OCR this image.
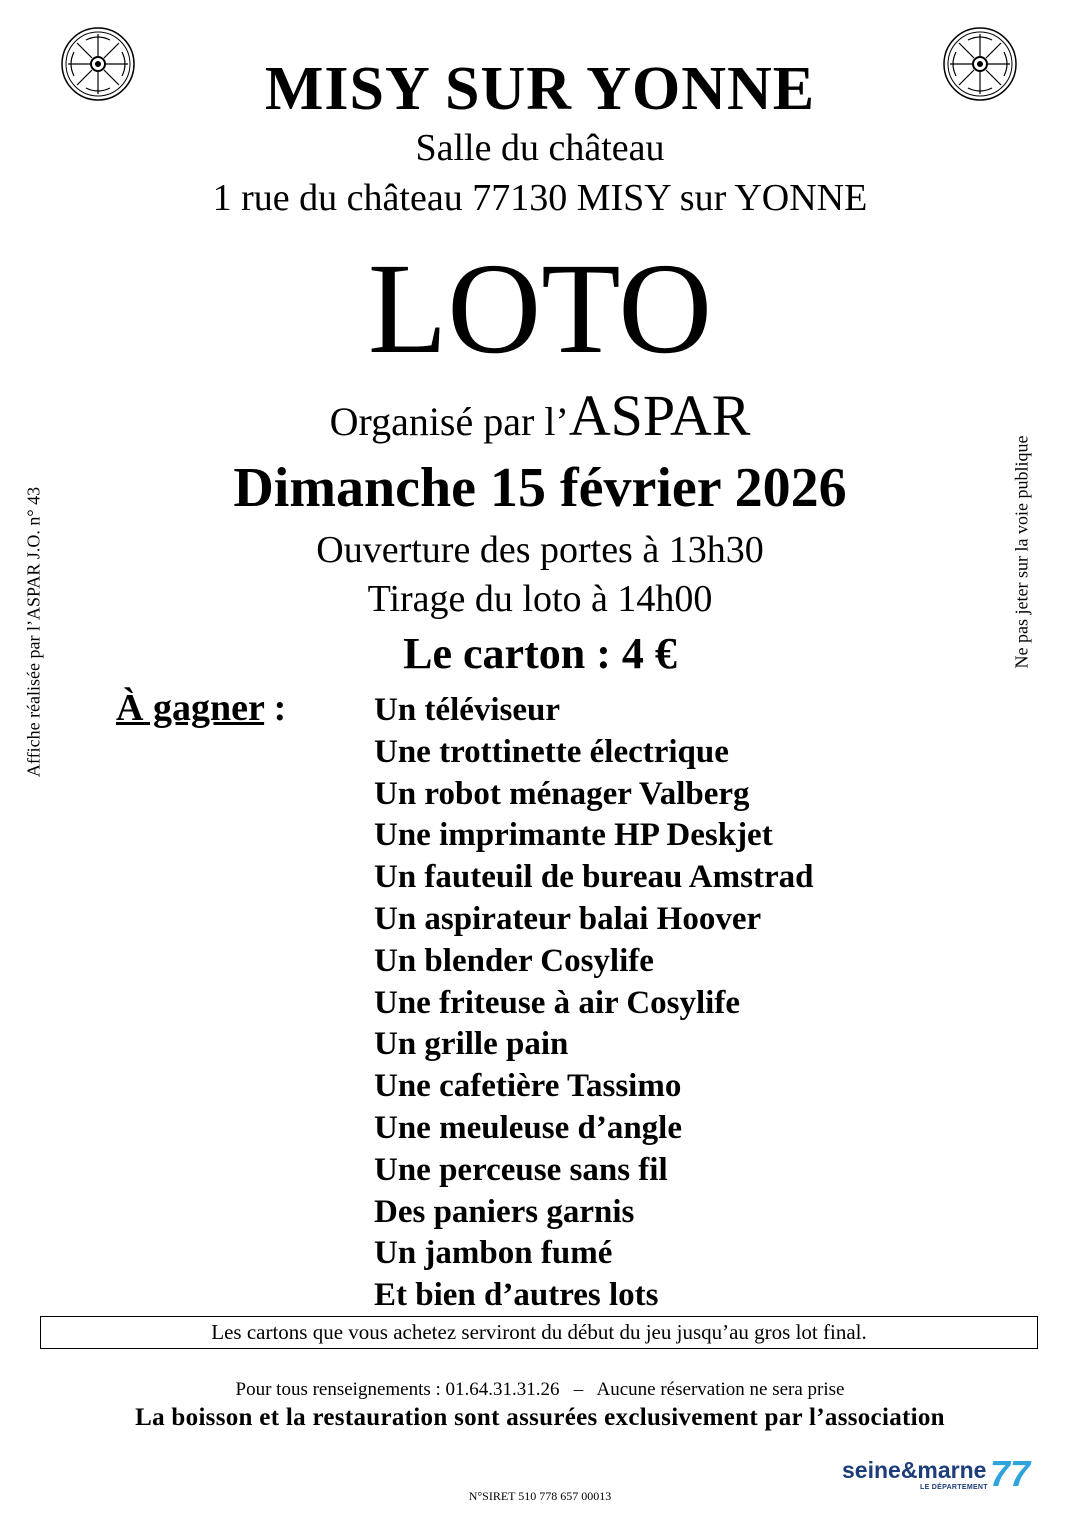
MISY SUR YONNE
Salle du château
1 rue du château 77130 MISY sur YONNE
LOTO
Organisé par l’ASPAR
Dimanche 15 février 2026
Ouverture des portes à 13h30
Tirage du loto à 14h00
Le carton : 4 €
À gagner :	Un téléviseur
Une trottinette électrique
Un robot ménager Valberg
Une imprimante HP Deskjet
Un fauteuil de bureau Amstrad
Un aspirateur balai Hoover
Un blender Cosylife
Une friteuse à air Cosylife
Un grille pain
Une cafetière Tassimo
Une meuleuse d’angle
Une perceuse sans fil
Des paniers garnis
Un jambon fumé
Et bien d’autres lots
Les cartons que vous achetez serviront du début du jeu jusqu’au gros lot final.
Pour tous renseignements : 01.64.31.31.26   –   Aucune réservation ne sera prise
La boisson et la restauration sont assurées exclusivement par l’association
N°SIRET 510 778 657 00013
Affiche réalisée par l’ASPAR J.O. n° 43	Ne pas jeter sur la voie publique
seine&marne
LE DÉPARTEMENT 77
